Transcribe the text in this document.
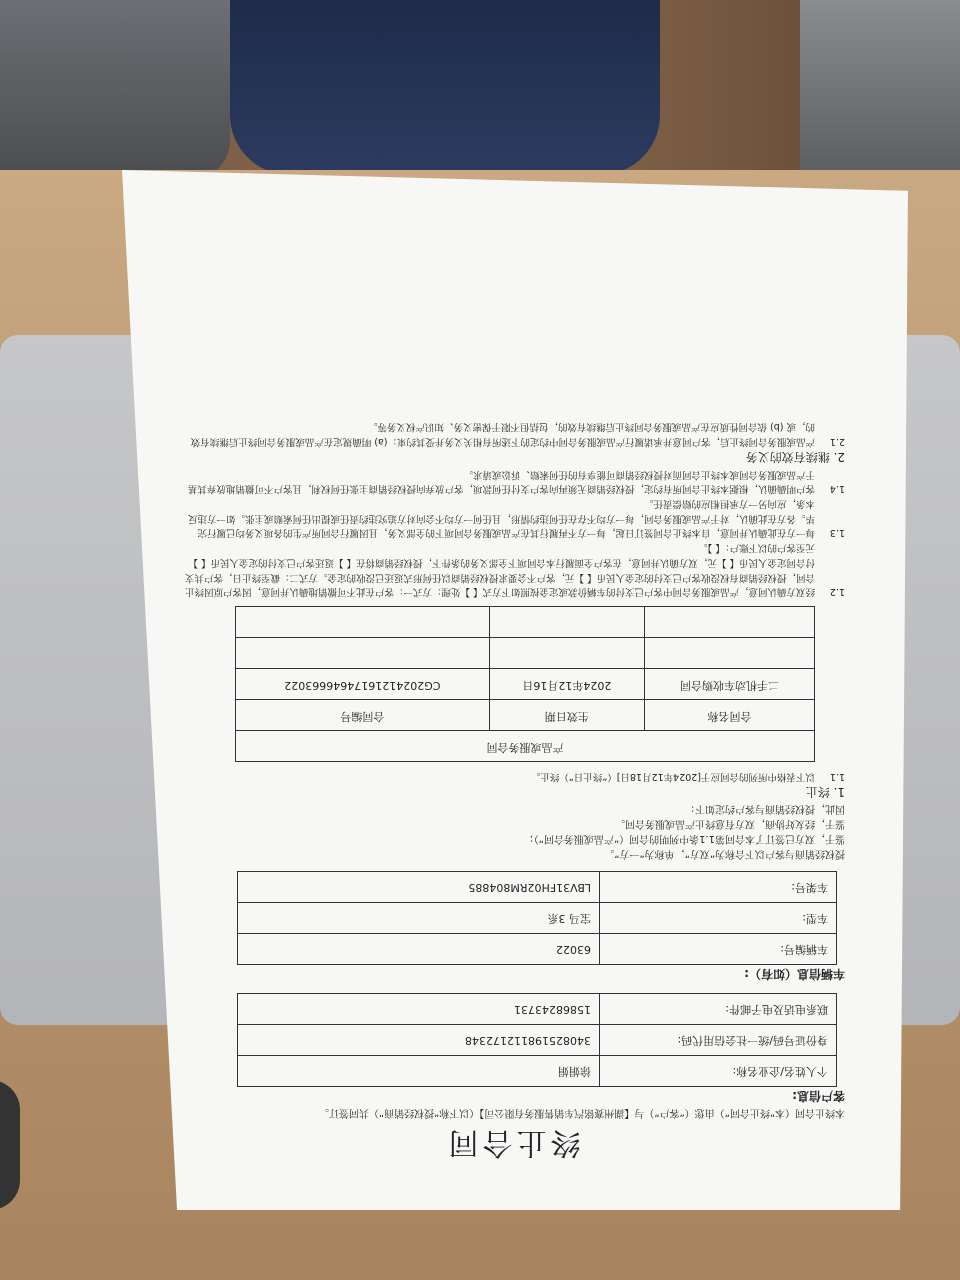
终止合同

本终止合同（本“终止合同”）由您（“客户”）与【湖州赛铭汽车销售服务有限公司】（以下称“授权经销商”）共同签订。

客户信息:
个人姓名/企业名称:	徐娟娟
身份证号码/统一社会信用代码:	340825198112172348
联系电话及电子邮件:	15868243731
车辆信息（如有）:
车辆编号:	63022
车型:	宝马 3系
车架号:	LBV31FH02RM804885

授权经销商与客户以下合称为“双方”，单称为“一方”。

鉴于，双方已签订了本合同第1.1条中列明的合同（“产品或服务合同”）；

鉴于，经友好协商，双方有意终止产品或服务合同。

因此，授权经销商与客户约定如下：

1. 终止
1.1
以下表格中所列的合同应于[2024年12月18日]（“终止日”）终止。
产品或服务合同		
合同名称	生效日期	合同编号
二手机动车收购合同	2024年12月16日	CG20241216174646663022

1.2
经双方确认同意，产品或服务合同中客户已支付的车辆价款或定金按照如下方式【 】处理：方式一：客户在此不可撤销地确认并同意，因客户原因终止合同，授权经销商有权没收客户已支付的定金人民币【 】元，客户不会要求授权经销商以任何形式返还已没收的定金。方式二：截至终止日，客户共支付合同定金人民币【 】元，双方确认并同意，在客户全面履行本合同项下全部义务的条件下，授权经销商将在【 】返还客户已支付的定金人民币【 】元至客户的以下账户：【 】。
1.3
每一方在此确认并同意，自本终止合同签订日起，每一方不再履行其在产品或服务合同项下的全部义务，且因履行合同所产生的各项义务均已履行完毕。各方在此确认，对于产品或服务合同，每一方均不存在任何违约情形，且任何一方均不会向对方追究违约责任或提出任何索赔或主张。如一方违反本条，应向另一方承担相应的赔偿责任。
1.4
客户明确确认，根据本终止合同所有约定，授权经销商无须再向客户支付任何款项，客户放弃向授权经销商主张任何权利，且客户不可撤销地放弃其基于产品或服务合同或本终止合同而对授权经销商可能享有的任何索赔、诉讼或请求。
2. 继续有效的义务
2.1
产品或服务合同终止后，客户同意并承诺履行产品或服务合同中约定的下述所有相关义务并受其约束：(a) 明确规定在产品或服务合同终止后继续有效的，或 (b) 依合同性质应在产品或服务合同终止后继续有效的，包括但不限于保密义务、知识产权义务等。
